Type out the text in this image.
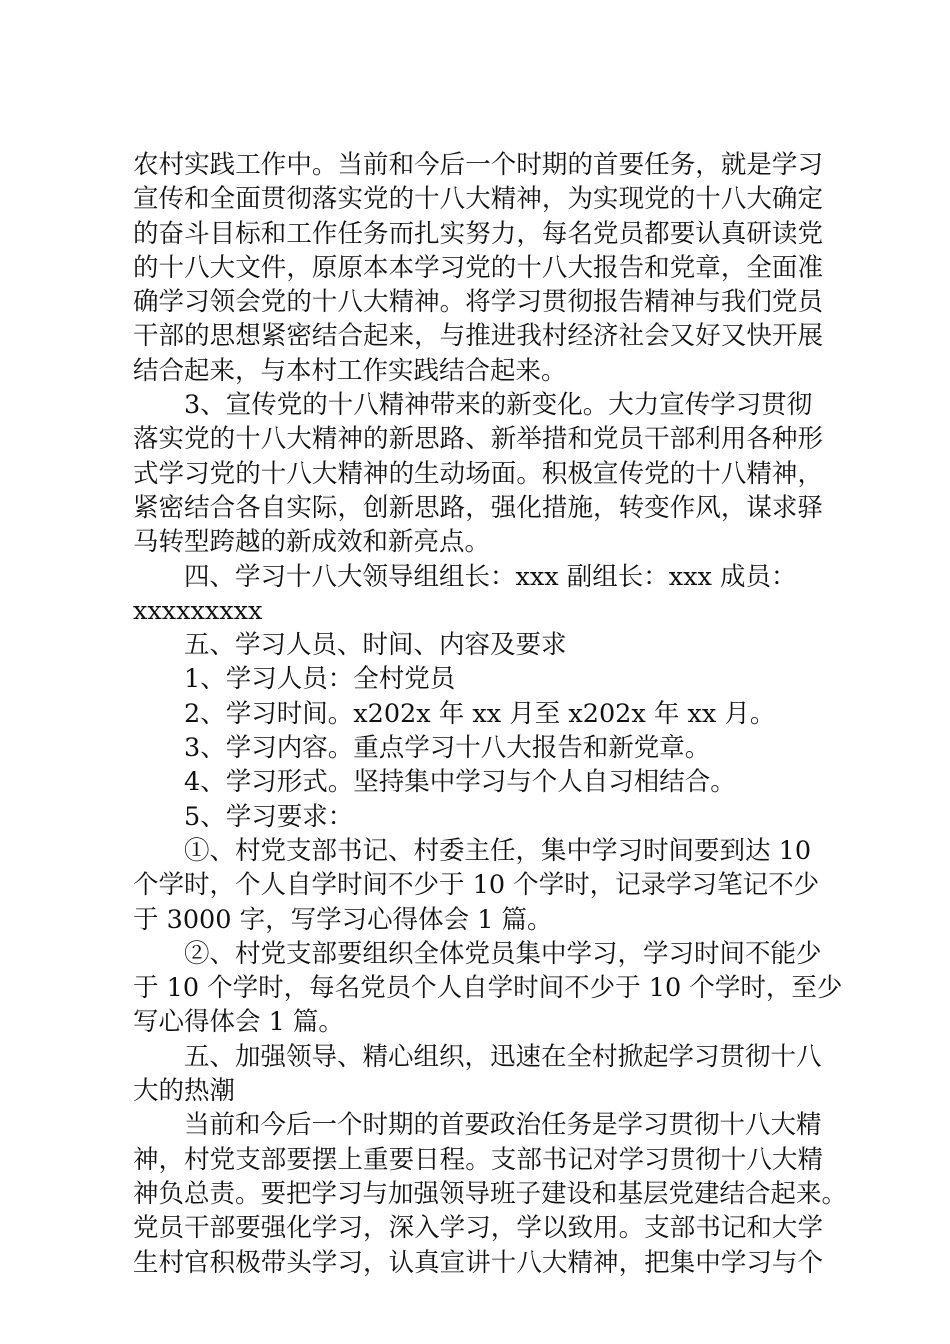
农村实践工作中。当前和今后一个时期的首要任务，就是学习
宣传和全面贯彻落实党的十八大精神，为实现党的十八大确定
的奋斗目标和工作任务而扎实努力，每名党员都要认真研读党
的十八大文件，原原本本学习党的十八大报告和党章，全面准
确学习领会党的十八大精神。将学习贯彻报告精神与我们党员
干部的思想紧密结合起来，与推进我村经济社会又好又快开展
结合起来，与本村工作实践结合起来。
3、宣传党的十八精神带来的新变化。大力宣传学习贯彻
落实党的十八大精神的新思路、新举措和党员干部利用各种形
式学习党的十八大精神的生动场面。积极宣传党的十八精神，
紧密结合各自实际，创新思路，强化措施，转变作风，谋求驿
马转型跨越的新成效和新亮点。
四、学习十八大领导组组长：xxx 副组长：xxx 成员：
xxxxxxxxx
五、学习人员、时间、内容及要求
1、学习人员：全村党员
2、学习时间。x202x 年 xx 月至 x202x 年 xx 月。
3、学习内容。重点学习十八大报告和新党章。
4、学习形式。坚持集中学习与个人自习相结合。
5、学习要求：
①、村党支部书记、村委主任，集中学习时间要到达 10
个学时，个人自学时间不少于 10 个学时，记录学习笔记不少
于 3000 字，写学习心得体会 1 篇。
②、村党支部要组织全体党员集中学习，学习时间不能少
于 10 个学时，每名党员个人自学时间不少于 10 个学时，至少
写心得体会 1 篇。
五、加强领导、精心组织，迅速在全村掀起学习贯彻十八
大的热潮
当前和今后一个时期的首要政治任务是学习贯彻十八大精
神，村党支部要摆上重要日程。支部书记对学习贯彻十八大精
神负总责。要把学习与加强领导班子建设和基层党建结合起来。
党员干部要强化学习，深入学习，学以致用。支部书记和大学
生村官积极带头学习，认真宣讲十八大精神，把集中学习与个
